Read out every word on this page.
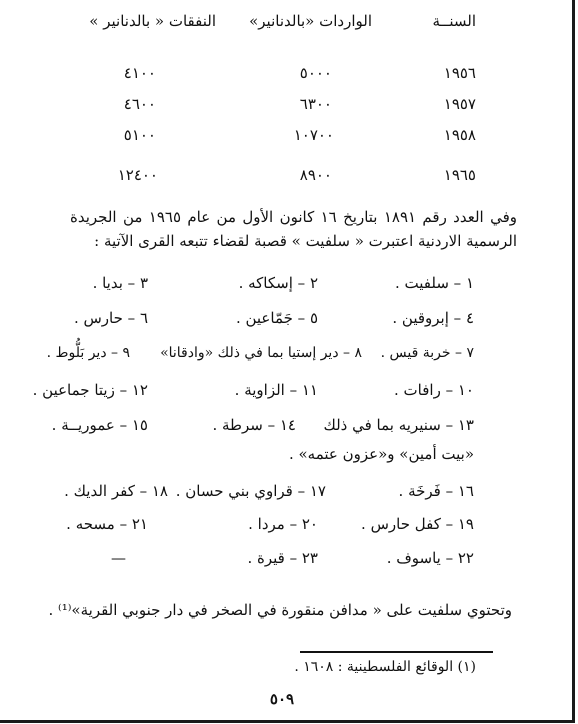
السنــة
الواردات «بالدنانير»
النفقات « بالدنانير »
١٩٥٦
٥٠٠٠
٤١٠٠
١٩٥٧
٦٣٠٠
٤٦٠٠
١٩٥٨
١٠٧٠٠
٥١٠٠
١٩٦٥
٨٩٠٠
١٢٤٠٠
وفي العدد رقم ١٨٩١ بتاريخ ١٦ كانون الأول من عام ١٩٦٥ من الجريدة الرسمية الاردنية اعتبرت « سلفيت » قصبة لقضاء تتبعه القرى الآتية :
١ – سلفيت .
٢ – إسكاكه .
٣ – بديا .
٤ – إبروقين .
٥ – جَمّاعين .
٦ – حارس .
٧ – خربة قيس .
٨ – دير إستيا بما في ذلك «وادقانا»
٩ – دير بَلُّوط .
١٠ – رافات .
١١ – الزاوية .
١٢ – زيتا جماعين .
١٣ – سنيريه بما في ذلك
١٤ – سرطة .
١٥ – عموريــة .
«بيت أمين» و«عزون عتمه» .
١٦ – فَرخَة .
١٧ – قراوي بني حسان .
١٨ – كفر الديك .
١٩ – كفل حارس .
٢٠ – مردا .
٢١ – مسحه .
٢٢ – ياسوف .
٢٣ – قيرة .
—
وتحتوي سلفيت على « مدافن منقورة في الصخر في دار جنوبي القرية»⁽¹⁾ .
(١) الوقائع الفلسطينية : ١٦٠٨ .
٥٠٩
